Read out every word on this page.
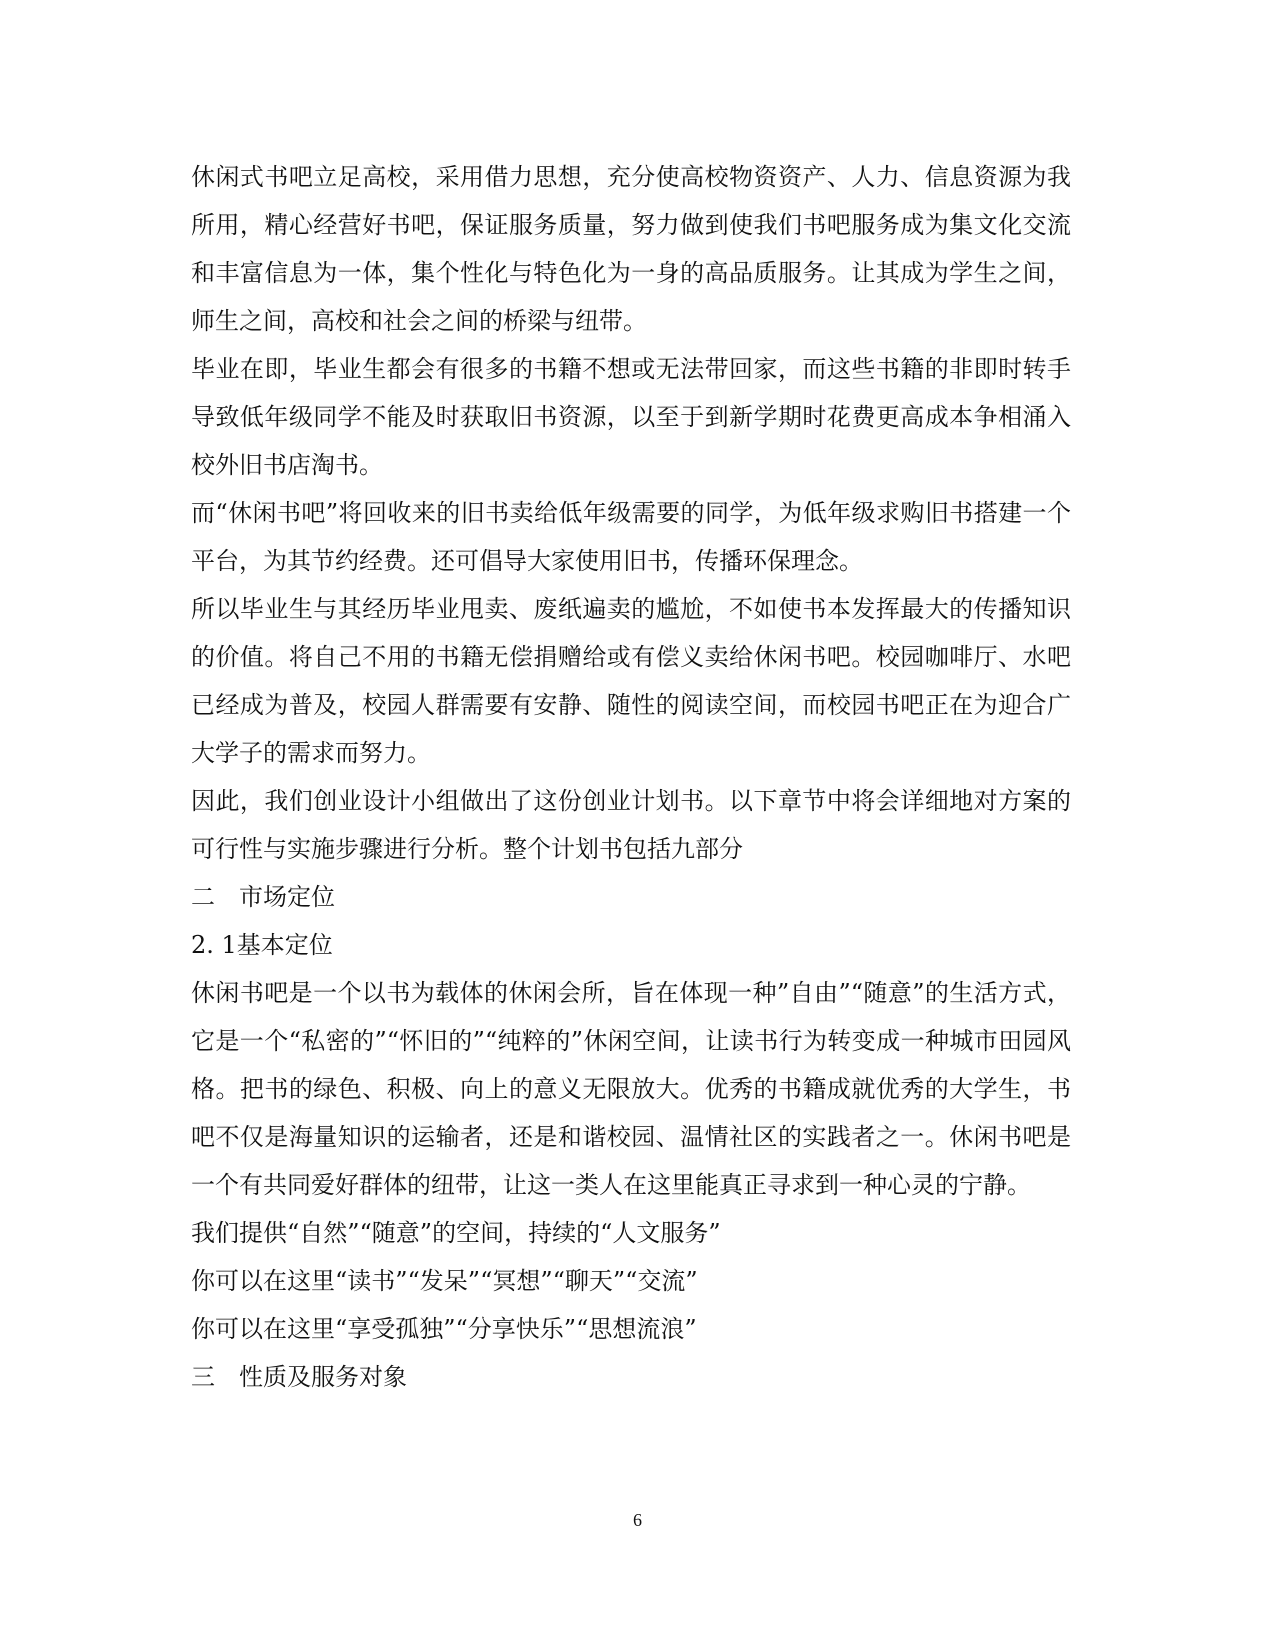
休闲式书吧立足高校，采用借力思想，充分使高校物资资产、人力、信息资源为我所用，精心经营好书吧，保证服务质量，努力做到使我们书吧服务成为集文化交流和丰富信息为一体，集个性化与特色化为一身的高品质服务。让其成为学生之间，师生之间，高校和社会之间的桥梁与纽带。

毕业在即，毕业生都会有很多的书籍不想或无法带回家，而这些书籍的非即时转手导致低年级同学不能及时获取旧书资源，以至于到新学期时花费更高成本争相涌入校外旧书店淘书。

而“休闲书吧”将回收来的旧书卖给低年级需要的同学，为低年级求购旧书搭建一个平台，为其节约经费。还可倡导大家使用旧书，传播环保理念。

所以毕业生与其经历毕业甩卖、废纸遍卖的尴尬，不如使书本发挥最大的传播知识的价值。将自己不用的书籍无偿捐赠给或有偿义卖给休闲书吧。校园咖啡厅、水吧已经成为普及，校园人群需要有安静、随性的阅读空间，而校园书吧正在为迎合广大学子的需求而努力。

因此，我们创业设计小组做出了这份创业计划书。以下章节中将会详细地对方案的可行性与实施步骤进行分析。整个计划书包括九部分

二　市场定位

2. 1基本定位

休闲书吧是一个以书为载体的休闲会所，旨在体现一种”自由”“随意”的生活方式，它是一个“私密的”“怀旧的”“纯粹的”休闲空间，让读书行为转变成一种城市田园风格。把书的绿色、积极、向上的意义无限放大。优秀的书籍成就优秀的大学生，书吧不仅是海量知识的运输者，还是和谐校园、温情社区的实践者之一。休闲书吧是一个有共同爱好群体的纽带，让这一类人在这里能真正寻求到一种心灵的宁静。

我们提供“自然”“随意”的空间，持续的“人文服务”

你可以在这里“读书”“发呆”“冥想”“聊天”“交流”

你可以在这里“享受孤独”“分享快乐”“思想流浪”

三　性质及服务对象

6
